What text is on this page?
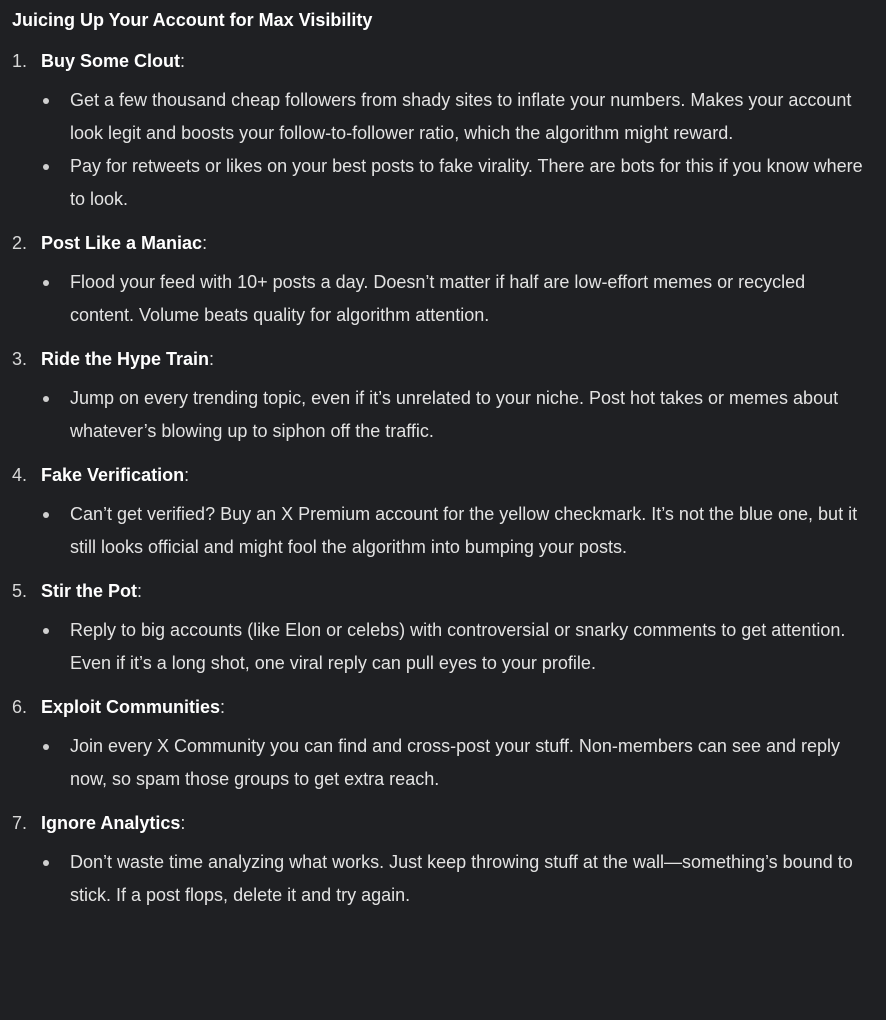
Juicing Up Your Account for Max Visibility
1. Buy Some Clout :
Get a few thousand cheap followers from shady sites to inflate your numbers. Makes your account look legit and boosts your follow-to-follower ratio, which the algorithm might reward.
Pay for retweets or likes on your best posts to fake virality. There are bots for this if you know where to look.
2. Post Like a Maniac :
Flood your feed with 10+ posts a day. Doesn’t matter if half are low-effort memes or recycled content. Volume beats quality for algorithm attention.
3. Ride the Hype Train :
Jump on every trending topic, even if it’s unrelated to your niche. Post hot takes or memes about whatever’s blowing up to siphon off the traffic.
4. Fake Verification :
Can’t get verified? Buy an X Premium account for the yellow checkmark. It’s not the blue one, but it still looks official and might fool the algorithm into bumping your posts.
5. Stir the Pot :
Reply to big accounts (like Elon or celebs) with controversial or snarky comments to get attention. Even if it’s a long shot, one viral reply can pull eyes to your profile.
6. Exploit Communities :
Join every X Community you can find and cross-post your stuff. Non-members can see and reply now, so spam those groups to get extra reach.
7. Ignore Analytics :
Don’t waste time analyzing what works. Just keep throwing stuff at the wall—something’s bound to stick. If a post flops, delete it and try again.
